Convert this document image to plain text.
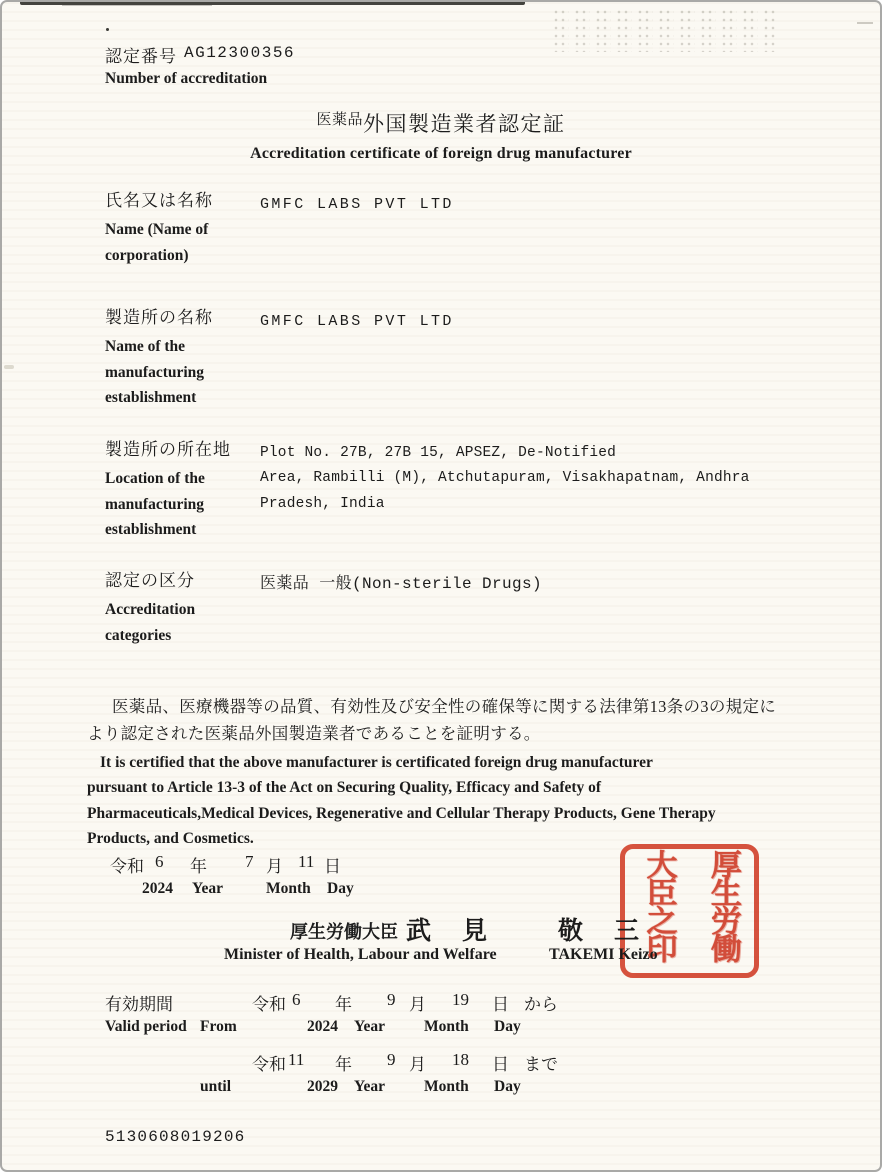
認定番号 AG12300356
Number of accreditation
医薬品外国製造業者認定証
Accreditation certificate of foreign drug manufacturer
氏名又は名称
Name (Name of
corporation)
GMFC LABS PVT LTD
製造所の名称
Name of the
manufacturing
establishment
GMFC LABS PVT LTD
製造所の所在地
Location of the
manufacturing
establishment
Plot No. 27B, 27B 15, APSEZ, De-Notified
Area, Rambilli (M), Atchutapuram, Visakhapatnam, Andhra
Pradesh, India
認定の区分
Accreditation
categories
医薬品 一般(Non-sterile Drugs)
医薬品、医療機器等の品質、有効性及び安全性の確保等に関する法律第13条の3の規定に
より認定された医薬品外国製造業者であることを証明する。
It is certified that the above manufacturer is certificated foreign drug manufacturer
pursuant to Article 13-3 of the Act on Securing Quality, Efficacy and Safety of
Pharmaceuticals,Medical Devices, Regenerative and Cellular Therapy Products, Gene Therapy
Products, and Cosmetics.
令和 6 年 7 月 11 日
2024 Year	Month Day
厚生労働大臣 武 見 敬 三
Minister of Health, Labour and Welfare	TAKEMI Keizo	厚生労働大臣之印
有効期間	令和 6 年 9 月 19 日 から
Valid period From	2024 Year	Month Day
令和 11 年 9 月 18 日 まで
until	2029 Year	Month Day
5130608019206
